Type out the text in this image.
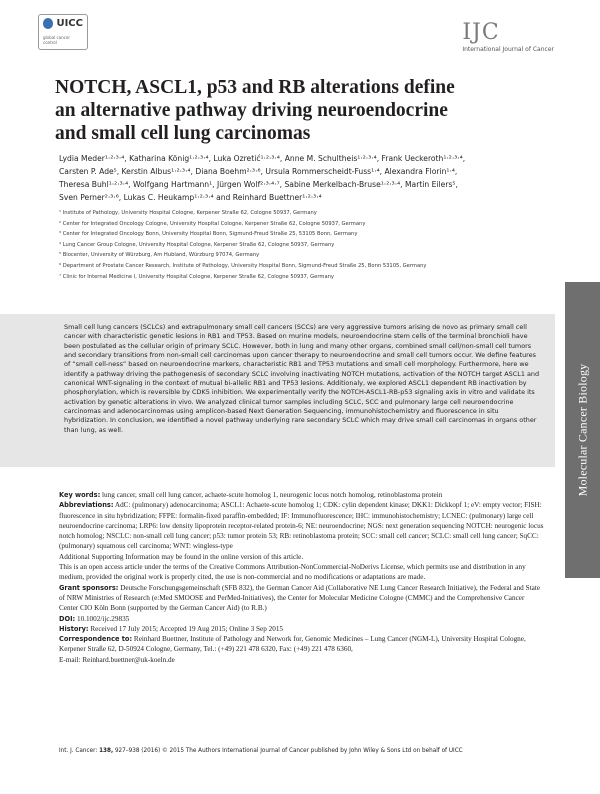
UICC
global cancer control	IJC
International Journal of Cancer
NOTCH, ASCL1, p53 and RB alterations define an alternative pathway driving neuroendocrine and small cell lung carcinomas
Lydia Meder¹·²·³·⁴, Katharina König¹·²·³·⁴, Luka Ozretić¹·²·³·⁴, Anne M. Schultheis¹·²·³·⁴, Frank Ueckeroth¹·²·³·⁴,
Carsten P. Ade⁵, Kerstin Albus¹·²·³·⁴, Diana Boehm²·³·⁶, Ursula Rommerscheidt-Fuss¹·⁴, Alexandra Florin¹·⁴,
Theresa Buhl¹·²·³·⁴, Wolfgang Hartmann¹, Jürgen Wolf²·³·⁴·⁷, Sabine Merkelbach-Bruse¹·²·³·⁴, Martin Eilers⁵,
Sven Perner²·³·⁶, Lukas C. Heukamp¹·²·³·⁴ and Reinhard Buettner¹·²·³·⁴
¹ Institute of Pathology, University Hospital Cologne, Kerpener Straße 62, Cologne 50937, Germany
² Center for Integrated Oncology Cologne, University Hospital Cologne, Kerpener Straße 62, Cologne 50937, Germany
³ Center for Integrated Oncology Bonn, University Hospital Bonn, Sigmund-Freud Straße 25, 53105 Bonn, Germany
⁴ Lung Cancer Group Cologne, University Hospital Cologne, Kerpener Straße 62, Cologne 50937, Germany
⁵ Biocenter, University of Würzburg, Am Hubland, Würzburg 97074, Germany
⁶ Department of Prostate Cancer Research, Institute of Pathology, University Hospital Bonn, Sigmund-Freud Straße 25, Bonn 53105, Germany
⁷ Clinic for Internal Medicine I, University Hospital Cologne, Kerpener Straße 62, Cologne 50937, Germany
Small cell lung cancers (SCLCs) and extrapulmonary small cell cancers (SCCs) are very aggressive tumors arising de novo as primary small cell cancer with characteristic genetic lesions in RB1 and TP53. Based on murine models, neuroendocrine stem cells of the terminal bronchioli have been postulated as the cellular origin of primary SCLC. However, both in lung and many other organs, combined small cell/non-small cell tumors and secondary transitions from non-small cell carcinomas upon cancer therapy to neuroendocrine and small cell tumors occur. We define features of “small cell-ness” based on neuroendocrine markers, characteristic RB1 and TP53 mutations and small cell morphology. Furthermore, here we identify a pathway driving the pathogenesis of secondary SCLC involving inactivating NOTCH mutations, activation of the NOTCH target ASCL1 and canonical WNT-signaling in the context of mutual bi-allelic RB1 and TP53 lesions. Additionaly, we explored ASCL1 dependent RB inactivation by phosphorylation, which is reversible by CDK5 inhibition. We experimentally verify the NOTCH-ASCL1-RB-p53 signaling axis in vitro and validate its activation by genetic alterations in vivo. We analyzed clinical tumor samples including SCLC, SCC and pulmonary large cell neuroendocrine carcinomas and adenocarcinomas using amplicon-based Next Generation Sequencing, immunohistochemistry and fluorescence in situ hybridization. In conclusion, we identified a novel pathway underlying rare secondary SCLC which may drive small cell carcinomas in organs other than lung, as well.	Molecular Cancer Biology

Key words: lung cancer, small cell lung cancer, achaete-scute homolog 1, neurogenic locus notch homolog, retinoblastoma protein

Abbreviations: AdC: (pulmonary) adenocarcinoma; ASCL1: Achaete-scute homolog 1; CDK: cylin dependent kinase; DKK1: Dickkopf 1; eV: empty vector; FISH: fluorescence in situ hybridization; FFPE: formalin-fixed paraffin-embedded; IF: Immunofluorescence; IHC: immunohistochemistry; LCNEC: (pulmonary) large cell neuroendocrine carcinoma; LRP6: low density lipoprotein receptor-related protein-6; NE: neuroendocrine; NGS: next generation sequencing NOTCH: neurogenic locus notch homolog; NSCLC: non-small cell lung cancer; p53: tumor protein 53; RB: retinoblastoma protein; SCC: small cell cancer; SCLC: small cell lung cancer; SqCC: (pulmonary) squamous cell carcinoma; WNT: wingless-type

Additional Supporting Information may be found in the online version of this article.

This is an open access article under the terms of the Creative Commons Attribution-NonCommercial-NoDerivs License, which permits use and distribution in any medium, provided the original work is properly cited, the use is non-commercial and no modifications or adaptations are made.

Grant sponsors: Deutsche Forschungsgemeinschaft (SFB 832), the German Cancer Aid (Collaborative NE Lung Cancer Research Initiative), the Federal and State of NRW Ministries of Research (e:Med SMOOSE and PerMed-Initiatives), the Center for Molecular Medicine Cologne (CMMC) and the Comprehensive Cancer Center CIO Köln Bonn (supported by the German Cancer Aid) (to R.B.)

DOI: 10.1002/ijc.29835

History: Received 17 July 2015; Accepted 19 Aug 2015; Online 3 Sep 2015

Correspondence to: Reinhard Buettner, Institute of Pathology and Network for, Genomic Medicines – Lung Cancer (NGM-L), University Hospital Cologne, Kerpener Straße 62, D-50924 Cologne, Germany, Tel.: (+49) 221 478 6320, Fax: (+49) 221 478 6360,

E-mail: Reinhard.buettner@uk-koeln.de

Int. J. Cancer: 138, 927–938 (2016) © 2015 The Authors International Journal of Cancer published by John Wiley & Sons Ltd on behalf of UICC
